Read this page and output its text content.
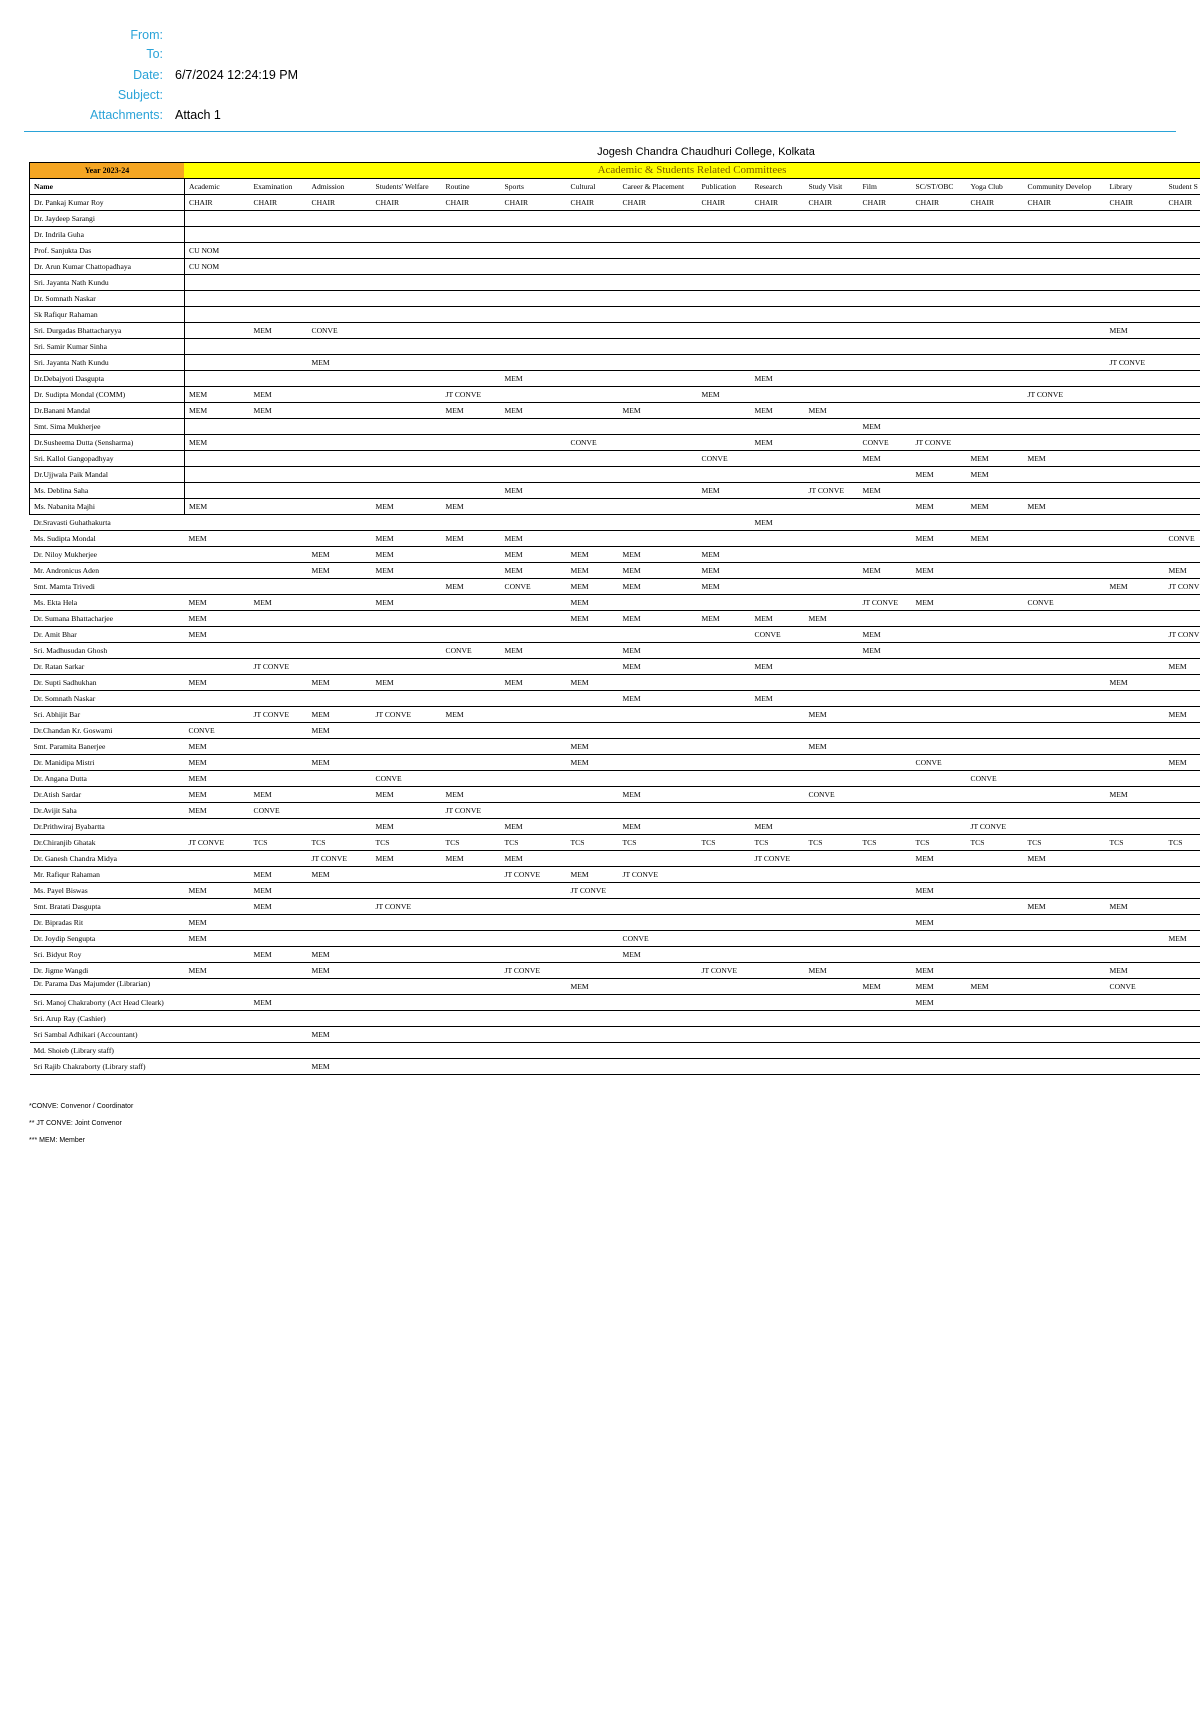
From:
To:
Date: 6/7/2024 12:24:19 PM
Subject:
Attachments: Attach 1
Jogesh Chandra Chaudhuri College, Kolkata
Year 2023-24	Academic & Students Related Committees
Name	Academic	Examination	Admission	Students' Welfare	Routine	Sports	Cultural	Career & Placement	Publication	Research	Study Visit	Film	SC/ST/OBC	Yoga Club	Community Develop	Library	Student S
Dr. Pankaj Kumar Roy	CHAIR	CHAIR	CHAIR	CHAIR	CHAIR	CHAIR	CHAIR	CHAIR	CHAIR	CHAIR	CHAIR	CHAIR	CHAIR	CHAIR	CHAIR	CHAIR	CHAIR
Dr. Jaydeep Sarangi																	
Dr. Indrila Guha																	
Prof. Sanjukta Das	CU NOM																
Dr. Arun Kumar Chattopadhaya	CU NOM																
Sri. Jayanta Nath Kundu																	
Dr. Somnath Naskar																	
Sk Rafiqur Rahaman																	
Sri. Durgadas Bhattacharyya		MEM	CONVE													MEM	
Sri. Samir Kumar Sinha																	
Sri. Jayanta Nath Kundu			MEM													JT CONVE	
Dr.Debajyoti Dasgupta						MEM				MEM							
Dr. Sudipta Mondal (COMM)	MEM	MEM			JT CONVE				MEM						JT CONVE		
Dr.Banani Mandal	MEM	MEM			MEM	MEM		MEM		MEM	MEM						
Smt. Sima Mukherjee												MEM					
Dr.Susheema Dutta (Sensharma)	MEM						CONVE			MEM		CONVE	JT CONVE				
Sri. Kallol Gangopadhyay									CONVE			MEM		MEM	MEM		
Dr.Ujjwala Paik Mandal													MEM	MEM			
Ms. Deblina Saha						MEM			MEM		JT CONVE	MEM					
Ms. Nabanita Majhi	MEM			MEM	MEM								MEM	MEM	MEM		
Dr.Sravasti Guhathakurta										MEM							
Ms. Sudipta Mondal	MEM			MEM	MEM	MEM							MEM	MEM			CONVE
Dr. Niloy Mukherjee			MEM	MEM		MEM	MEM	MEM	MEM								
Mr. Andronicus Aden			MEM	MEM		MEM	MEM	MEM	MEM			MEM	MEM				MEM
Smt. Mamta Trivedi					MEM	CONVE	MEM	MEM	MEM							MEM	JT CONV
Ms. Ekta Hela	MEM	MEM		MEM			MEM					JT CONVE	MEM		CONVE		
Dr. Sumana Bhattacharjee	MEM						MEM	MEM	MEM	MEM	MEM						
Dr. Amit Bhar	MEM									CONVE		MEM					JT CONV
Sri. Madhusudan Ghosh					CONVE	MEM		MEM				MEM					
Dr. Ratan Sarkar		JT CONVE						MEM		MEM							MEM
Dr. Supti Sadhukhan	MEM		MEM	MEM		MEM	MEM									MEM	
Dr. Somnath Naskar								MEM		MEM							
Sri. Abhijit Bar		JT CONVE	MEM	JT CONVE	MEM						MEM						MEM
Dr.Chandan Kr. Goswami	CONVE		MEM														
Smt. Paramita Banerjee	MEM						MEM				MEM						
Dr. Manidipa Mistri	MEM		MEM				MEM						CONVE				MEM
Dr. Angana Dutta	MEM			CONVE										CONVE			
Dr.Atish Sardar	MEM	MEM		MEM	MEM			MEM			CONVE					MEM	
Dr.Avijit Saha	MEM	CONVE			JT CONVE												
Dr.Prithwiraj Byabartta				MEM		MEM		MEM		MEM				JT CONVE			
Dr.Chiranjib Ghatak	JT CONVE	TCS	TCS	TCS	TCS	TCS	TCS	TCS	TCS	TCS	TCS	TCS	TCS	TCS	TCS	TCS	TCS
Dr. Ganesh Chandra Midya			JT CONVE	MEM	MEM	MEM				JT CONVE			MEM		MEM		
Mr. Rafiqur Rahaman		MEM	MEM			JT CONVE	MEM	JT CONVE									
Ms. Payel Biswas	MEM	MEM					JT CONVE						MEM				
Smt. Bratati Dasgupta		MEM		JT CONVE											MEM	MEM	
Dr. Bipradas Rit	MEM												MEM				
Dr. Joydip Sengupta	MEM							CONVE									MEM
Sri. Bidyut Roy		MEM	MEM					MEM									
Dr. Jigme Wangdi	MEM		MEM			JT CONVE			JT CONVE		MEM		MEM			MEM	
Dr. Parama Das Majumder (Librarian)							MEM					MEM	MEM	MEM		CONVE	
Sri. Manoj Chakraborty (Act Head Cleark)		MEM											MEM				
Sri. Arup Ray (Cashier)																	
Sri Sambal Adhikari (Accountant)			MEM														
Md. Shoieb (Library staff)																	
Sri Rajib Chakraborty (Library staff)			MEM														
*CONVE: Convenor / Coordinator
** JT CONVE: Joint Convenor
*** MEM: Member
